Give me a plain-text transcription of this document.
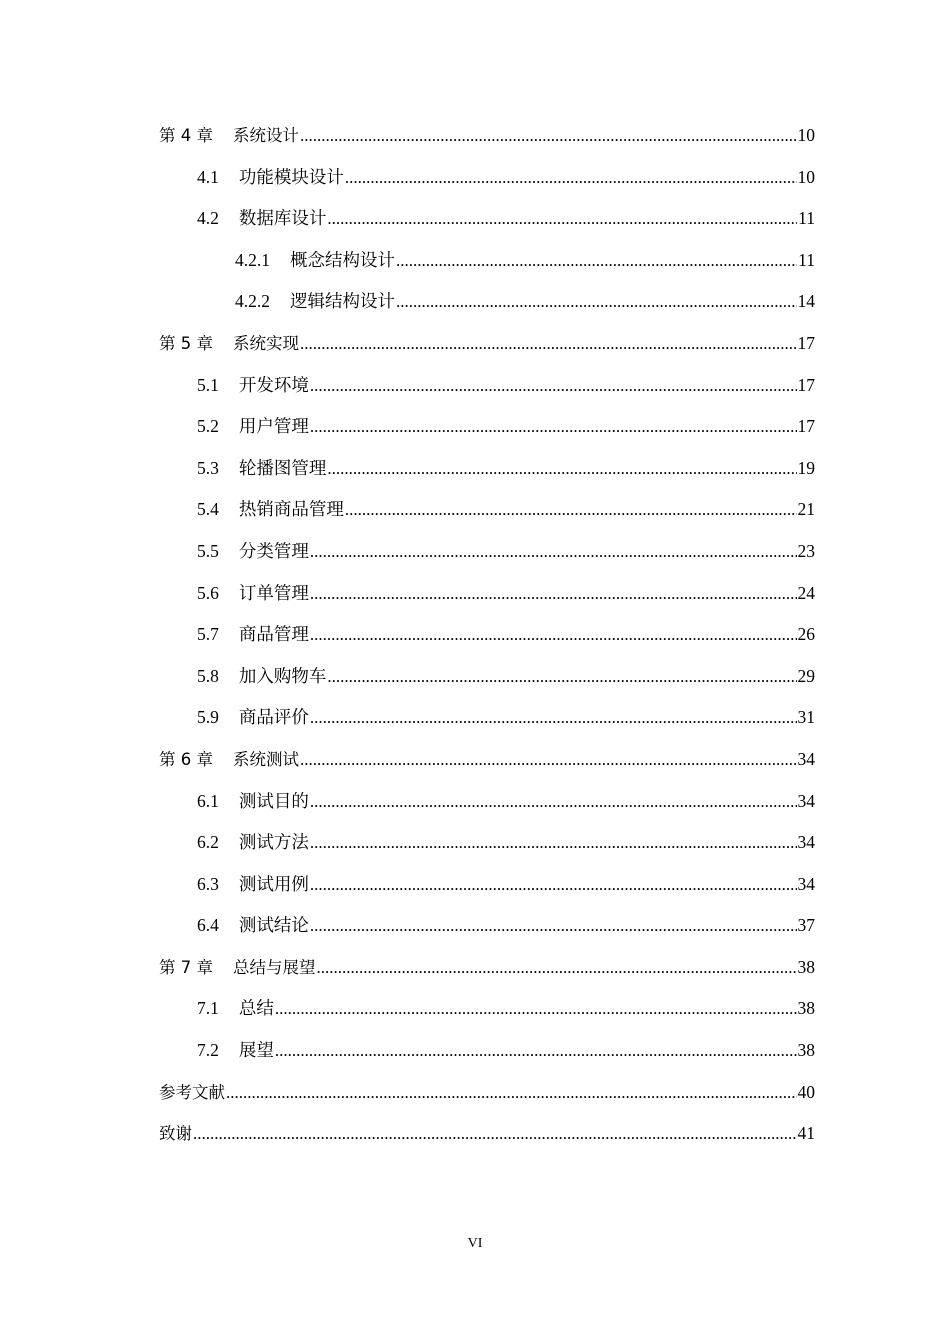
第 4 章 系统设计 .....	10
4.1 功能模块设计 .....	10
4.2 数据库设计 .....	11
4.2.1 概念结构设计 .....	11
4.2.2 逻辑结构设计 .....	14
第 5 章 系统实现 .....	17
5.1 开发环境 .....	17
5.2 用户管理 .....	17
5.3 轮播图管理 .....	19
5.4 热销商品管理 .....	21
5.5 分类管理 .....	23
5.6 订单管理 .....	24
5.7 商品管理 .....	26
5.8 加入购物车 .....	29
5.9 商品评价 .....	31
第 6 章 系统测试 .....	34
6.1 测试目的 .....	34
6.2 测试方法 .....	34
6.3 测试用例 .....	34
6.4 测试结论 .....	37
第 7 章 总结与展望 .....	38
7.1 总结 .....	38
7.2 展望 .....	38
参考文献 .....	40
致谢 .....	41
VI
